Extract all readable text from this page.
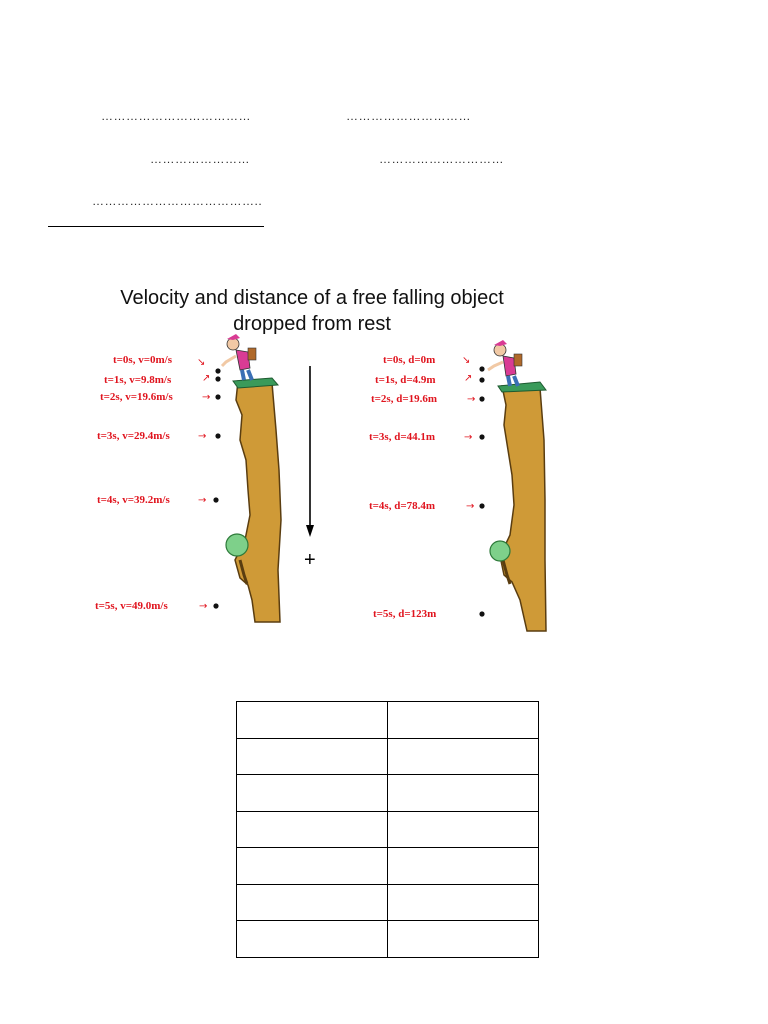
………………………………	…………………………
……………………	…………………………
…………………………………..
Velocity and distance of a free falling object
dropped from rest
+
t=0s, v=0m/s
t=1s, v=9.8m/s
t=2s, v=19.6m/s
t=3s, v=29.4m/s
t=4s, v=39.2m/s
t=5s, v=49.0m/s
↘
↗
→
→
→
→
t=0s, d=0m
t=1s, d=4.9m
t=2s, d=19.6m
t=3s, d=44.1m
t=4s, d=78.4m
t=5s, d=123m
↘
↗
→
→
→
